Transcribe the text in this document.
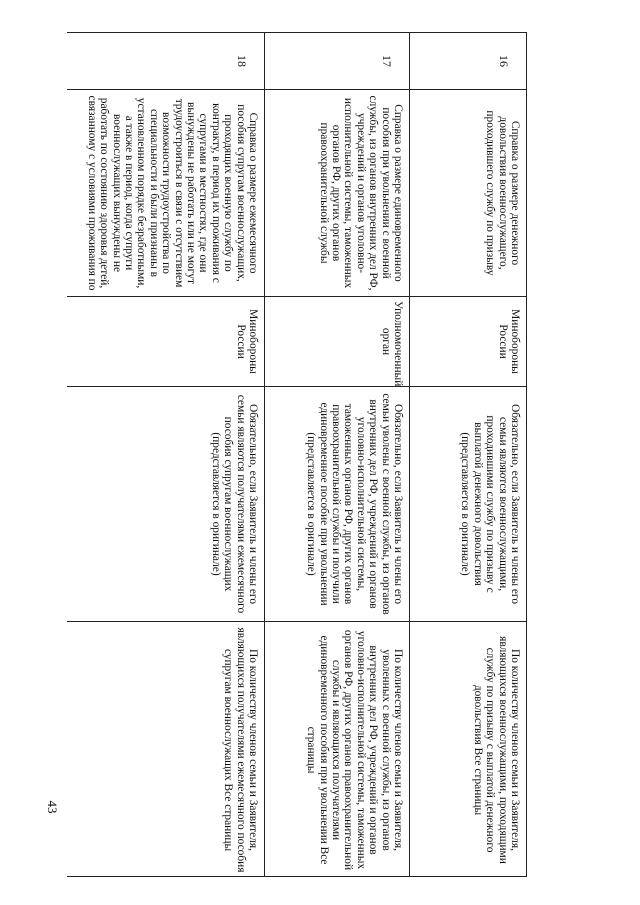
16
Справка о размере денежного довольствия военнослужащего, проходившего службу по призыву
Минобороны России
Обязательно, если Заявитель и члены его семьи являются военнослужащими, проходившими службу по призыву с выплатой денежного довольствия (представляется в оригинале)
По количеству членов семьи и Заявителя, являющихся военнослужащими, проходящими службу по призыву с выплатой денежного довольствия Все страницы
17
Справка о размере единовременного пособия при увольнении с военной службы, из органов внутренних дел РФ, учреждений и органов уголовно-исполнительной системы, таможенных органов РФ, других органов правоохранительной службы
Уполномоченный орган
Обязательно, если Заявитель и члены его семьи уволены с военной службы, из органов внутренних дел РФ, учреждений и органов уголовно-исполнительной системы, таможенных органов РФ, других органов правоохранительной службы и получили единовременное пособие при увольнении (представляется в оригинале)
По количеству членов семьи и Заявителя, уволенных с военной службы, из органов внутренних дел РФ, учреждений и органов уголовно-исполнительной системы, таможенных органов РФ, других органов правоохранительной службы и являющихся получателями единовременного пособия при увольнении Все страницы
18
Справка о размере ежемесячного пособия супругам военнослужащих, проходящих военную службу по контракту, в период их проживания с супругами в местностях, где они вынуждены не работать или не могут трудоустроиться в связи с отсутствием возможности трудоустройства по специальности и были признаны в установленном порядке безработными, а также в период, когда супруги военнослужащих вынуждены не работать по состоянию здоровья детей, связанному с условиями проживания по
Минобороны России
Обязательно, если Заявитель и члены его семьи являются получателями ежемесячного пособия супругам военнослужащих (представляется в оригинале)
По количеству членов семьи и Заявителя, являющихся получателями ежемесячного пособия супругам военнослужащих Все страницы
43
